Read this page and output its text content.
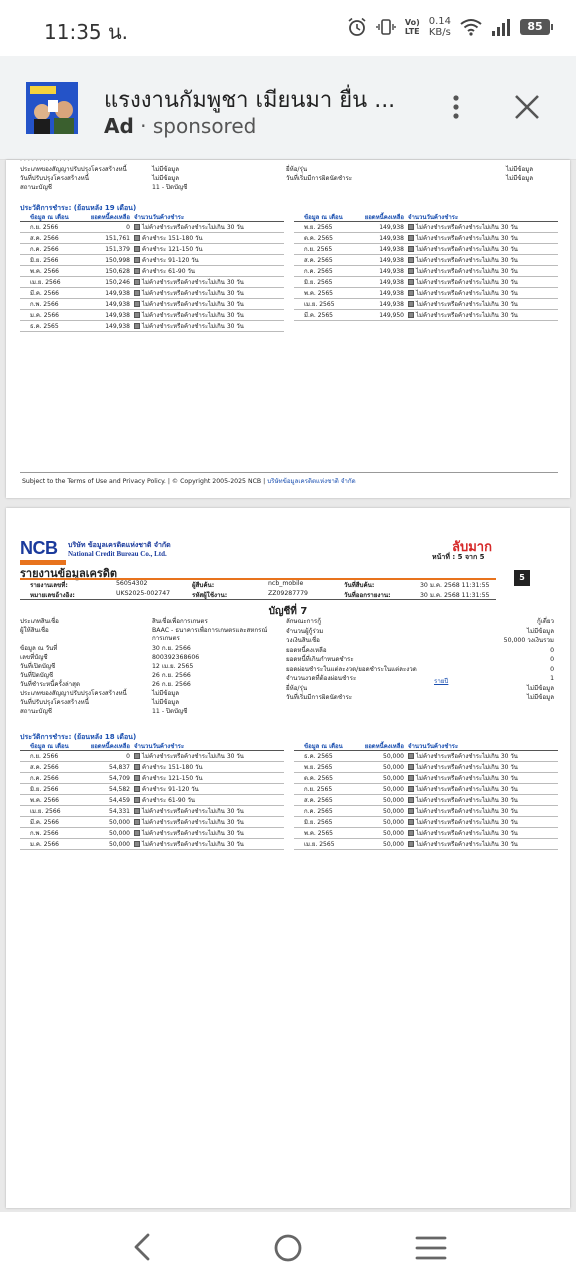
11:35 น.	Vo)
LTE
0.14
KB/s	85
แรงงานกัมพูชา เมียนมา ยื่น ...
Ad · sponsored
. . . . . . . . . . . . .
ประเภทของสัญญาปรับปรุงโครงสร้างหนี้	ไม่มีข้อมูล
วันที่ปรับปรุงโครงสร้างหนี้	ไม่มีข้อมูล
สถานะบัญชี	11 - ปิดบัญชี
ยี่ห้อ/รุ่น	ไม่มีข้อมูล
วันที่เริ่มมีการผิดนัดชำระ	ไม่มีข้อมูล
ประวัติการชำระ: (ย้อนหลัง 19 เดือน)
ข้อมูล ณ เดือน	ยอดหนี้คงเหลือ จำนวนวันค้างชำระ
ก.ย. 2566	0	ไม่ค้างชำระหรือค้างชำระไม่เกิน 30 วัน
ส.ค. 2566	151,761	ค้างชำระ 151-180 วัน
ก.ค. 2566	151,379	ค้างชำระ 121-150 วัน
มิ.ย. 2566	150,998	ค้างชำระ 91-120 วัน
พ.ค. 2566	150,628	ค้างชำระ 61-90 วัน
เม.ย. 2566	150,246	ไม่ค้างชำระหรือค้างชำระไม่เกิน 30 วัน
มี.ค. 2566	149,938	ไม่ค้างชำระหรือค้างชำระไม่เกิน 30 วัน
ก.พ. 2566	149,938	ไม่ค้างชำระหรือค้างชำระไม่เกิน 30 วัน
ม.ค. 2566	149,938	ไม่ค้างชำระหรือค้างชำระไม่เกิน 30 วัน
ธ.ค. 2565	149,938	ไม่ค้างชำระหรือค้างชำระไม่เกิน 30 วัน
ข้อมูล ณ เดือน	ยอดหนี้คงเหลือ จำนวนวันค้างชำระ
พ.ย. 2565	149,938	ไม่ค้างชำระหรือค้างชำระไม่เกิน 30 วัน
ต.ค. 2565	149,938	ไม่ค้างชำระหรือค้างชำระไม่เกิน 30 วัน
ก.ย. 2565	149,938	ไม่ค้างชำระหรือค้างชำระไม่เกิน 30 วัน
ส.ค. 2565	149,938	ไม่ค้างชำระหรือค้างชำระไม่เกิน 30 วัน
ก.ค. 2565	149,938	ไม่ค้างชำระหรือค้างชำระไม่เกิน 30 วัน
มิ.ย. 2565	149,938	ไม่ค้างชำระหรือค้างชำระไม่เกิน 30 วัน
พ.ค. 2565	149,938	ไม่ค้างชำระหรือค้างชำระไม่เกิน 30 วัน
เม.ย. 2565	149,938	ไม่ค้างชำระหรือค้างชำระไม่เกิน 30 วัน
มี.ค. 2565	149,950	ไม่ค้างชำระหรือค้างชำระไม่เกิน 30 วัน
Subject to the Terms of Use and Privacy Policy. | © Copyright 2005-2025 NCB | บริษัทข้อมูลเครดิตแห่งชาติ จำกัด
NCB บริษัท ข้อมูลเครดิตแห่งชาติ จำกัด
National Credit Bureau Co., Ltd.	ลับมาก
หน้าที่ : 5 จาก 5
รายงานข้อมูลเครดิต	5
รายงานเลขที่:	56054302
หมายเลขอ้างอิง:	UKS2025-002747
ผู้สืบค้น:	ncb_mobile
รหัสผู้ใช้งาน:	ZZ09287779
วันที่สืบค้น:	30 ม.ค. 2568 11:31:55
วันที่ออกรายงาน:	30 ม.ค. 2568 11:31:55
บัญชีที่ 7
ประเภทสินเชื่อ	สินเชื่อเพื่อการเกษตร
ผู้ให้สินเชื่อ	BAAC - ธนาคารเพื่อการเกษตรและสหกรณ์การเกษตร
ข้อมูล ณ วันที่	30 ก.ย. 2566
เลขที่บัญชี	800392368606
วันที่เปิดบัญชี	12 เม.ย. 2565
วันที่ปิดบัญชี	26 ก.ย. 2566
วันที่ชำระหนี้ครั้งล่าสุด	26 ก.ย. 2566
ประเภทของสัญญาปรับปรุงโครงสร้างหนี้	ไม่มีข้อมูล
วันที่ปรับปรุงโครงสร้างหนี้	ไม่มีข้อมูล
สถานะบัญชี	11 - ปิดบัญชี
ลักษณะการกู้	กู้เดี่ยว
จำนวนผู้กู้ร่วม	ไม่มีข้อมูล
วงเงินสินเชื่อ	50,000 วงเงินรวม
ยอดหนี้คงเหลือ	0
ยอดหนี้ที่เกินกำหนดชำระ	0
ยอดผ่อนชำระในแต่ละงวด/ยอดชำระในแต่ละงวด	0
จำนวนงวดที่ต้องผ่อนชำระ	1
ยี่ห้อ/รุ่น	ไม่มีข้อมูล
วันที่เริ่มมีการผิดนัดชำระ	ไม่มีข้อมูล
รายปี
ประวัติการชำระ: (ย้อนหลัง 18 เดือน)
ข้อมูล ณ เดือน	ยอดหนี้คงเหลือ จำนวนวันค้างชำระ
ก.ย. 2566	0	ไม่ค้างชำระหรือค้างชำระไม่เกิน 30 วัน
ส.ค. 2566	54,837	ค้างชำระ 151-180 วัน
ก.ค. 2566	54,709	ค้างชำระ 121-150 วัน
มิ.ย. 2566	54,582	ค้างชำระ 91-120 วัน
พ.ค. 2566	54,459	ค้างชำระ 61-90 วัน
เม.ย. 2566	54,331	ไม่ค้างชำระหรือค้างชำระไม่เกิน 30 วัน
มี.ค. 2566	50,000	ไม่ค้างชำระหรือค้างชำระไม่เกิน 30 วัน
ก.พ. 2566	50,000	ไม่ค้างชำระหรือค้างชำระไม่เกิน 30 วัน
ม.ค. 2566	50,000	ไม่ค้างชำระหรือค้างชำระไม่เกิน 30 วัน
ข้อมูล ณ เดือน	ยอดหนี้คงเหลือ จำนวนวันค้างชำระ
ธ.ค. 2565	50,000	ไม่ค้างชำระหรือค้างชำระไม่เกิน 30 วัน
พ.ย. 2565	50,000	ไม่ค้างชำระหรือค้างชำระไม่เกิน 30 วัน
ต.ค. 2565	50,000	ไม่ค้างชำระหรือค้างชำระไม่เกิน 30 วัน
ก.ย. 2565	50,000	ไม่ค้างชำระหรือค้างชำระไม่เกิน 30 วัน
ส.ค. 2565	50,000	ไม่ค้างชำระหรือค้างชำระไม่เกิน 30 วัน
ก.ค. 2565	50,000	ไม่ค้างชำระหรือค้างชำระไม่เกิน 30 วัน
มิ.ย. 2565	50,000	ไม่ค้างชำระหรือค้างชำระไม่เกิน 30 วัน
พ.ค. 2565	50,000	ไม่ค้างชำระหรือค้างชำระไม่เกิน 30 วัน
เม.ย. 2565	50,000	ไม่ค้างชำระหรือค้างชำระไม่เกิน 30 วัน
